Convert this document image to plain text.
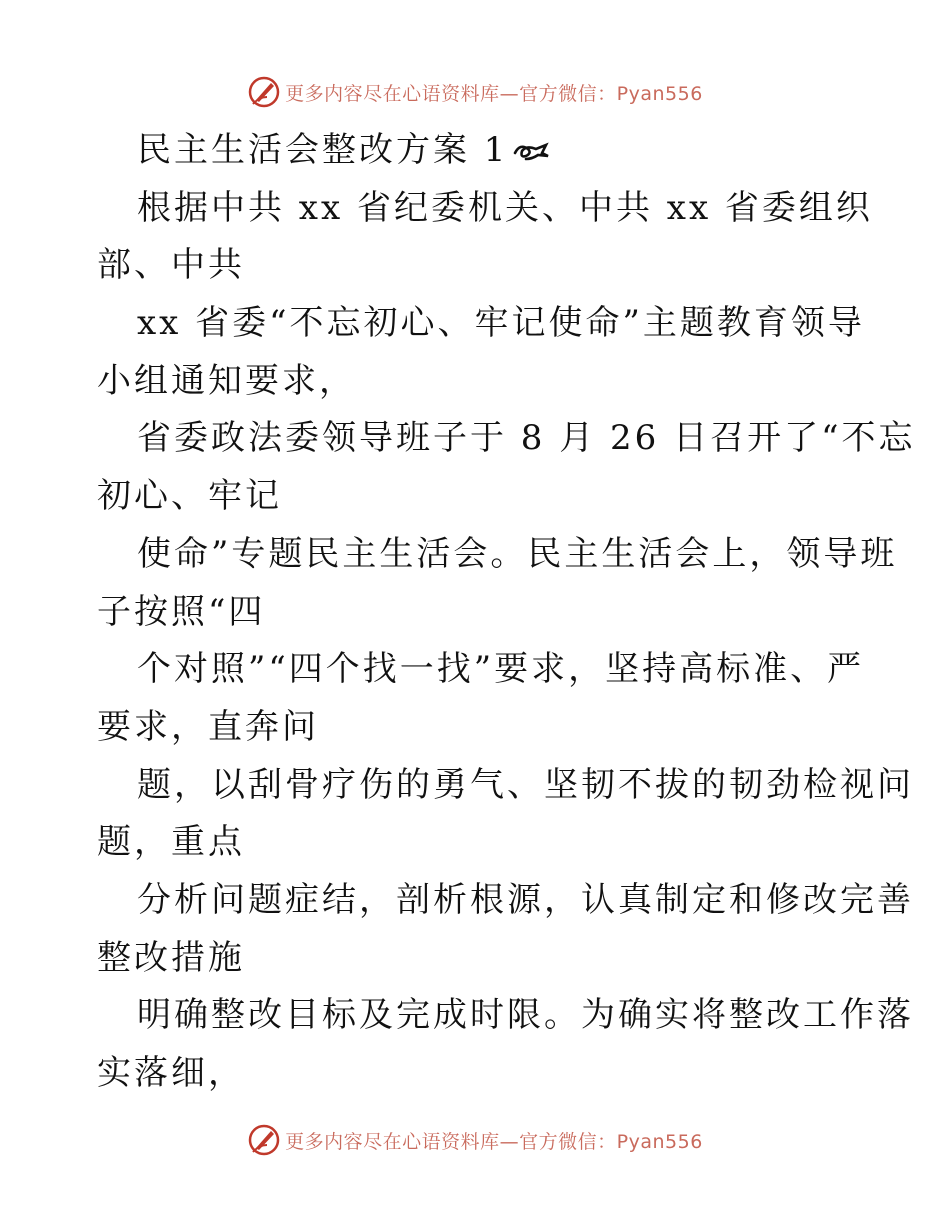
更多内容尽在心语资料库—官方微信：Pyan556
民主生活会整改方案 1
根据中共 xx 省纪委机关、中共 xx 省委组织
部、中共
xx 省委“不忘初心、牢记使命”主题教育领导
小组通知要求，
省委政法委领导班子于 8 月 26 日召开了“不忘
初心、牢记
使命”专题民主生活会。民主生活会上，领导班
子按照“四
个对照”“四个找一找”要求，坚持高标准、严
要求，直奔问
题，以刮骨疗伤的勇气、坚韧不拔的韧劲检视问
题，重点
分析问题症结，剖析根源，认真制定和修改完善
整改措施
明确整改目标及完成时限。为确实将整改工作落
实落细，
更多内容尽在心语资料库—官方微信：Pyan556
